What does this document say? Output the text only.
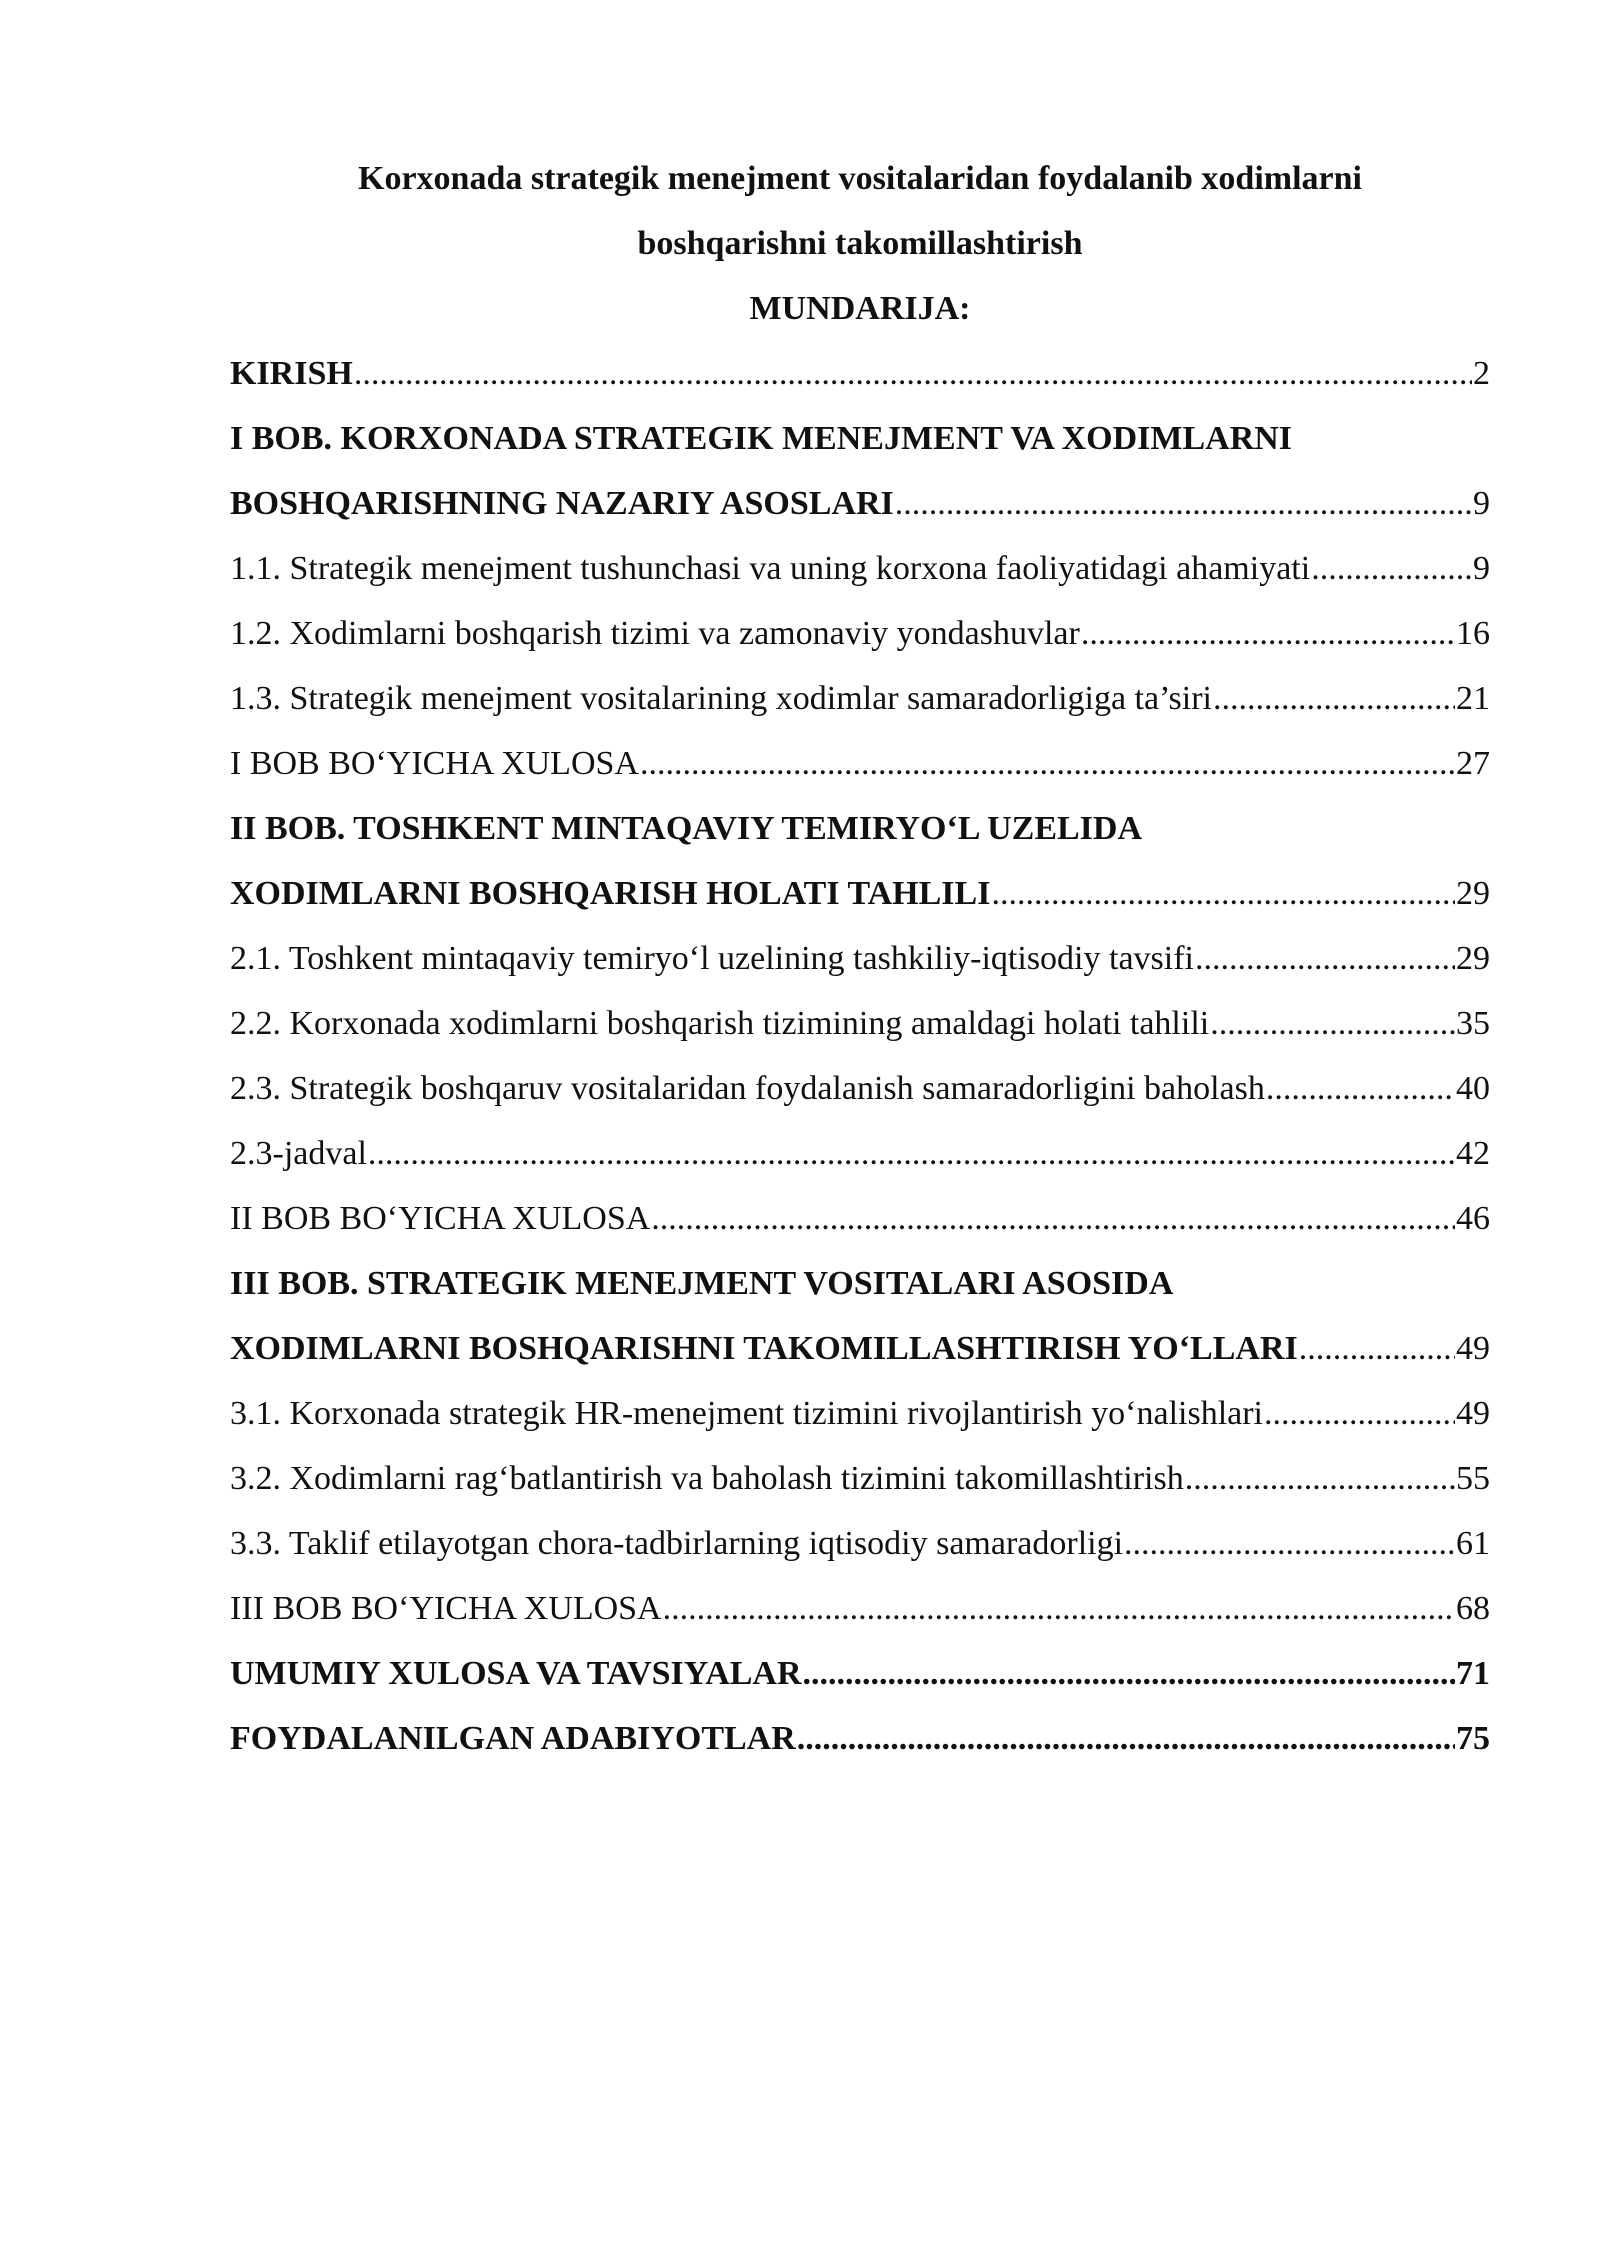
Korxonada strategik menejment vositalaridan foydalanib xodimlarni
boshqarishni takomillashtirish
MUNDARIJA:
KIRISH .....	2
I BOB. KORXONADA STRATEGIK MENEJMENT VA XODIMLARNI
BOSHQARISHNING NAZARIY ASOSLARI .....	9
1.1. Strategik menejment tushunchasi va uning korxona faoliyatidagi ahamiyati .....	9
1.2. Xodimlarni boshqarish tizimi va zamonaviy yondashuvlar .....	16
1.3. Strategik menejment vositalarining xodimlar samaradorligiga ta’siri .....	21
I BOB BO‘YICHA XULOSA .....	27
II BOB. TOSHKENT MINTAQAVIY TEMIRYO‘L UZELIDA
XODIMLARNI BOSHQARISH HOLATI TAHLILI .....	29
2.1. Toshkent mintaqaviy temiryo‘l uzelining tashkiliy-iqtisodiy tavsifi .....	29
2.2. Korxonada xodimlarni boshqarish tizimining amaldagi holati tahlili .....	35
2.3. Strategik boshqaruv vositalaridan foydalanish samaradorligini baholash .....	40
2.3-jadval .....	42
II BOB BO‘YICHA XULOSA .....	46
III BOB. STRATEGIK MENEJMENT VOSITALARI ASOSIDA
XODIMLARNI BOSHQARISHNI TAKOMILLASHTIRISH YO‘LLARI .....	49
3.1. Korxonada strategik HR-menejment tizimini rivojlantirish yo‘nalishlari .....	49
3.2. Xodimlarni rag‘batlantirish va baholash tizimini takomillashtirish .....	55
3.3. Taklif etilayotgan chora-tadbirlarning iqtisodiy samaradorligi .....	61
III BOB BO‘YICHA XULOSA .....	68
UMUMIY XULOSA VA TAVSIYALAR .....	71
FOYDALANILGAN ADABIYOTLAR .....	75
